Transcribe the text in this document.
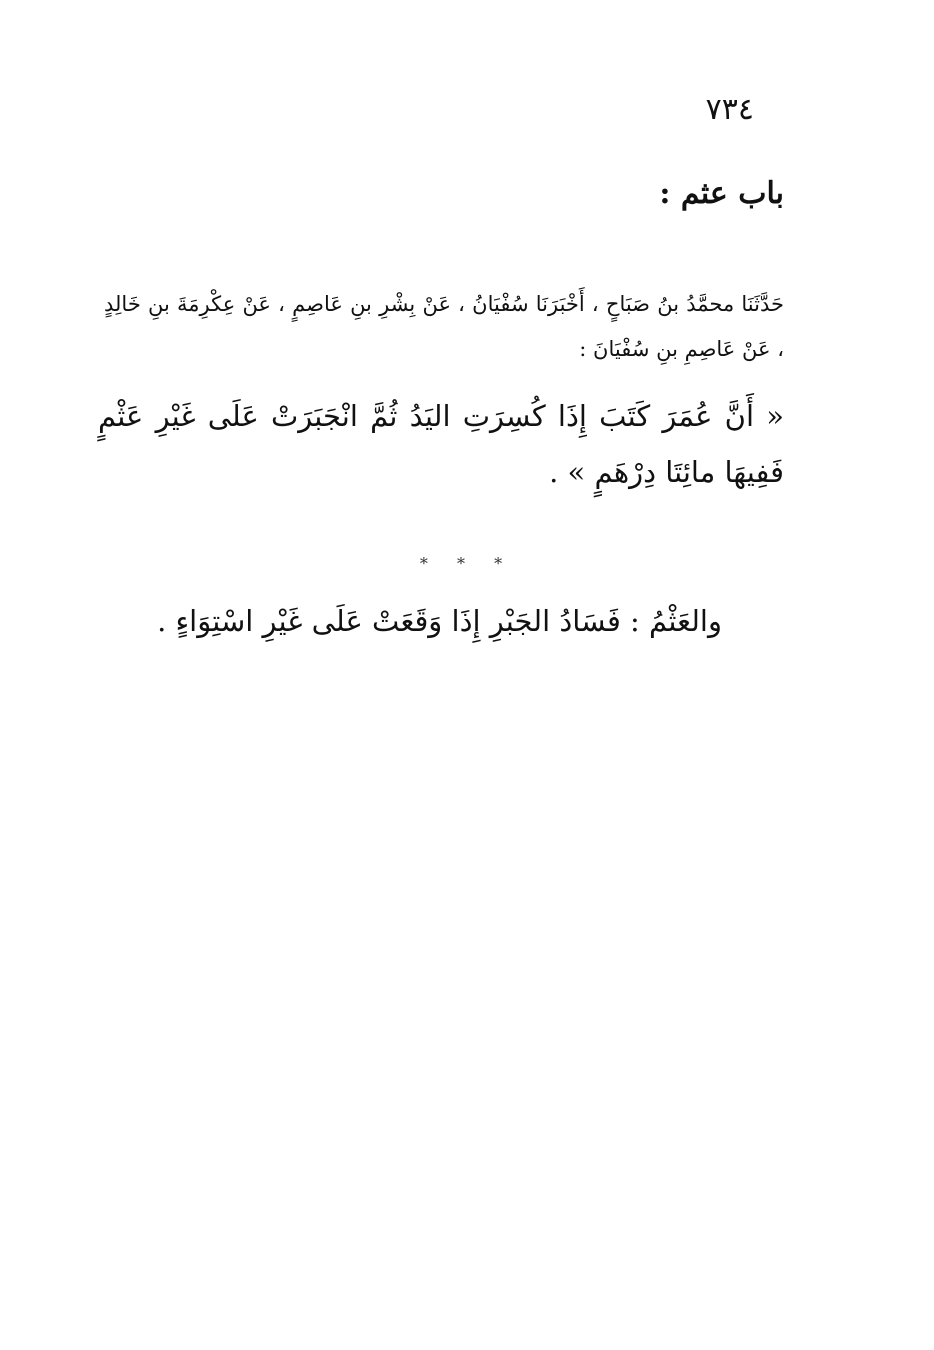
٧٣٤
باب عثم :
حَدَّثَنَا محمَّدُ بنُ صَبَاحٍ ، أَخْبَرَنَا سُفْيَانُ ، عَنْ بِشْرِ بنِ عَاصِمٍ ، عَنْ عِكْرِمَةَ بنِ خَالِدٍ ، عَنْ عَاصِمِ بنِ سُفْيَانَ :
« أَنَّ عُمَرَ كَتَبَ إِذَا كُسِرَتِ اليَدُ ثُمَّ انْجَبَرَتْ عَلَى غَيْرِ عَثْمٍ فَفِيهَا مائِتَا دِرْهَمٍ » .
* * *
والعَثْمُ : فَسَادُ الجَبْرِ إِذَا وَقَعَتْ عَلَى غَيْرِ اسْتِوَاءٍ .
